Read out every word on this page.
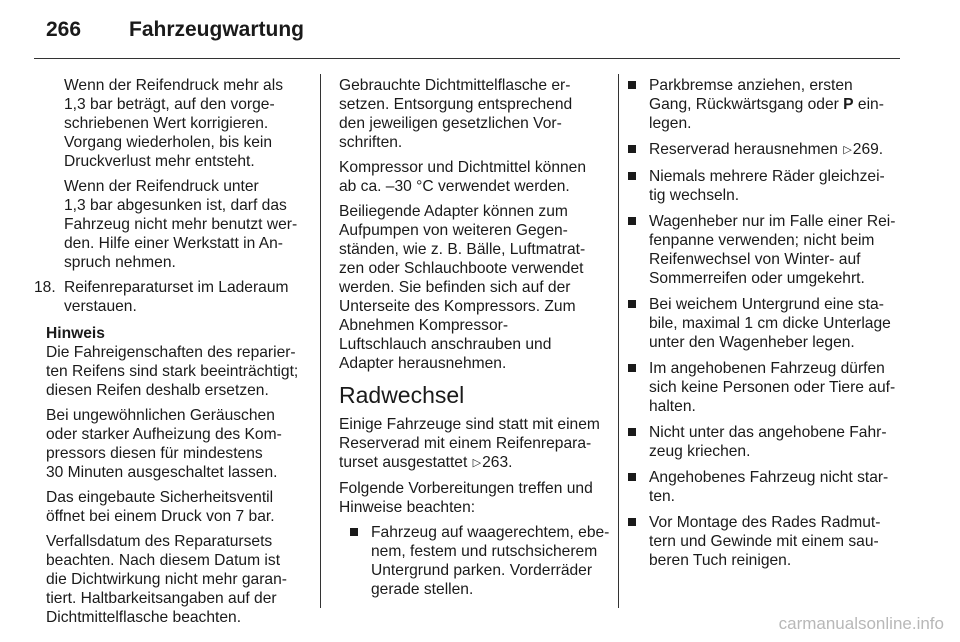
266 Fahrzeugwartung
Wenn der Reifendruck mehr als
1,3 bar beträgt, auf den vorge-
schriebenen Wert korrigieren.
Vorgang wiederholen, bis kein
Druckverlust mehr entsteht.
Wenn der Reifendruck unter
1,3 bar abgesunken ist, darf das
Fahrzeug nicht mehr benutzt wer-
den. Hilfe einer Werkstatt in An-
spruch nehmen.
18. Reifenreparaturset im Laderaum
verstauen.
Hinweis
Die Fahreigenschaften des reparier-
ten Reifens sind stark beeinträchtigt;
diesen Reifen deshalb ersetzen.
Bei ungewöhnlichen Geräuschen
oder starker Aufheizung des Kom-
pressors diesen für mindestens
30 Minuten ausgeschaltet lassen.
Das eingebaute Sicherheitsventil
öffnet bei einem Druck von 7 bar.
Verfallsdatum des Reparatursets
beachten. Nach diesem Datum ist
die Dichtwirkung nicht mehr garan-
tiert. Haltbarkeitsangaben auf der
Dichtmittelflasche beachten.
Gebrauchte Dichtmittelflasche er-
setzen. Entsorgung entsprechend
den jeweiligen gesetzlichen Vor-
schriften.
Kompressor und Dichtmittel können
ab ca. –30 °C verwendet werden.
Beiliegende Adapter können zum
Aufpumpen von weiteren Gegen-
ständen, wie z. B. Bälle, Luftmatrat-
zen oder Schlauchboote verwendet
werden. Sie befinden sich auf der
Unterseite des Kompressors. Zum
Abnehmen Kompressor-
Luftschlauch anschrauben und
Adapter herausnehmen.
Radwechsel
Einige Fahrzeuge sind statt mit einem
Reserverad mit einem Reifenrepara-
turset ausgestattet ▷263.
Folgende Vorbereitungen treffen und
Hinweise beachten:
Fahrzeug auf waagerechtem, ebe-
nem, festem und rutschsicherem
Untergrund parken. Vorderräder
gerade stellen.
Parkbremse anziehen, ersten
Gang, Rückwärtsgang oder P ein-
legen.
Reserverad herausnehmen ▷269.
Niemals mehrere Räder gleichzei-
tig wechseln.
Wagenheber nur im Falle einer Rei-
fenpanne verwenden; nicht beim
Reifenwechsel von Winter- auf
Sommerreifen oder umgekehrt.
Bei weichem Untergrund eine sta-
bile, maximal 1 cm dicke Unterlage
unter den Wagenheber legen.
Im angehobenen Fahrzeug dürfen
sich keine Personen oder Tiere auf-
halten.
Nicht unter das angehobene Fahr-
zeug kriechen.
Angehobenes Fahrzeug nicht star-
ten.
Vor Montage des Rades Radmut-
tern und Gewinde mit einem sau-
beren Tuch reinigen.
carmanualsonline.info
